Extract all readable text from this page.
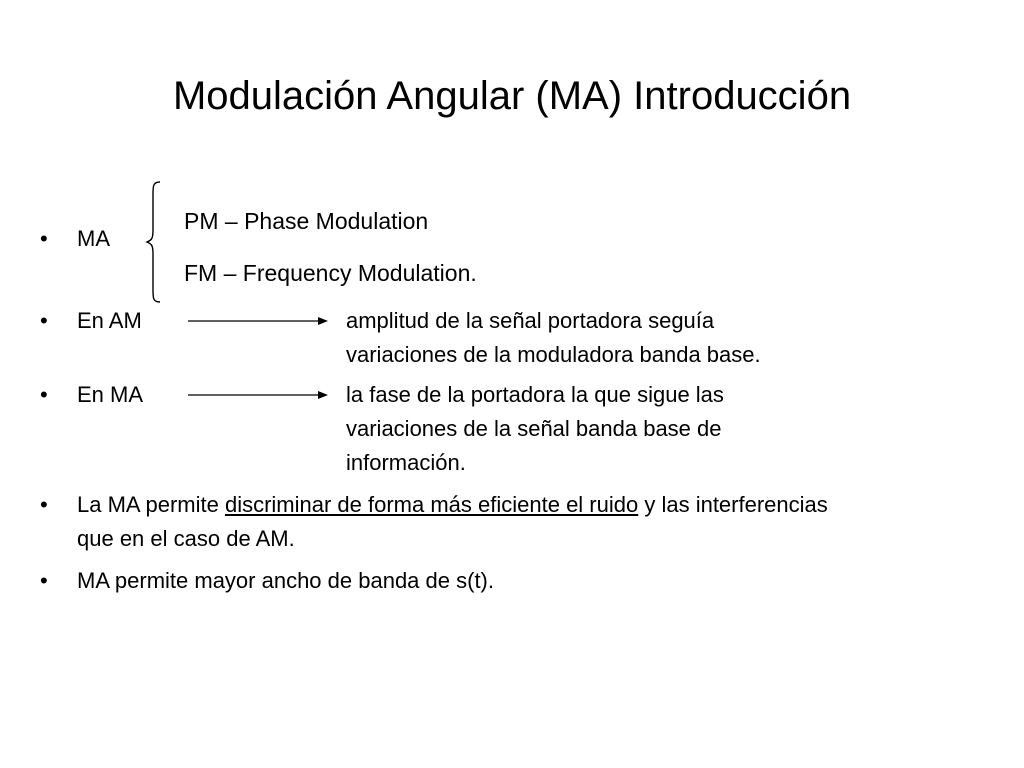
Modulación Angular (MA) Introducción
• MA
PM – Phase Modulation
FM – Frequency Modulation.
• En AM	amplitud de la señal portadora seguía
variaciones de la moduladora banda base.
• En MA	la fase de la portadora la que sigue las
variaciones de la señal banda base de
información.
• La MA permite discriminar de forma más eficiente el ruido y las interferencias
que en el caso de AM.
• MA permite mayor ancho de banda de s(t).
